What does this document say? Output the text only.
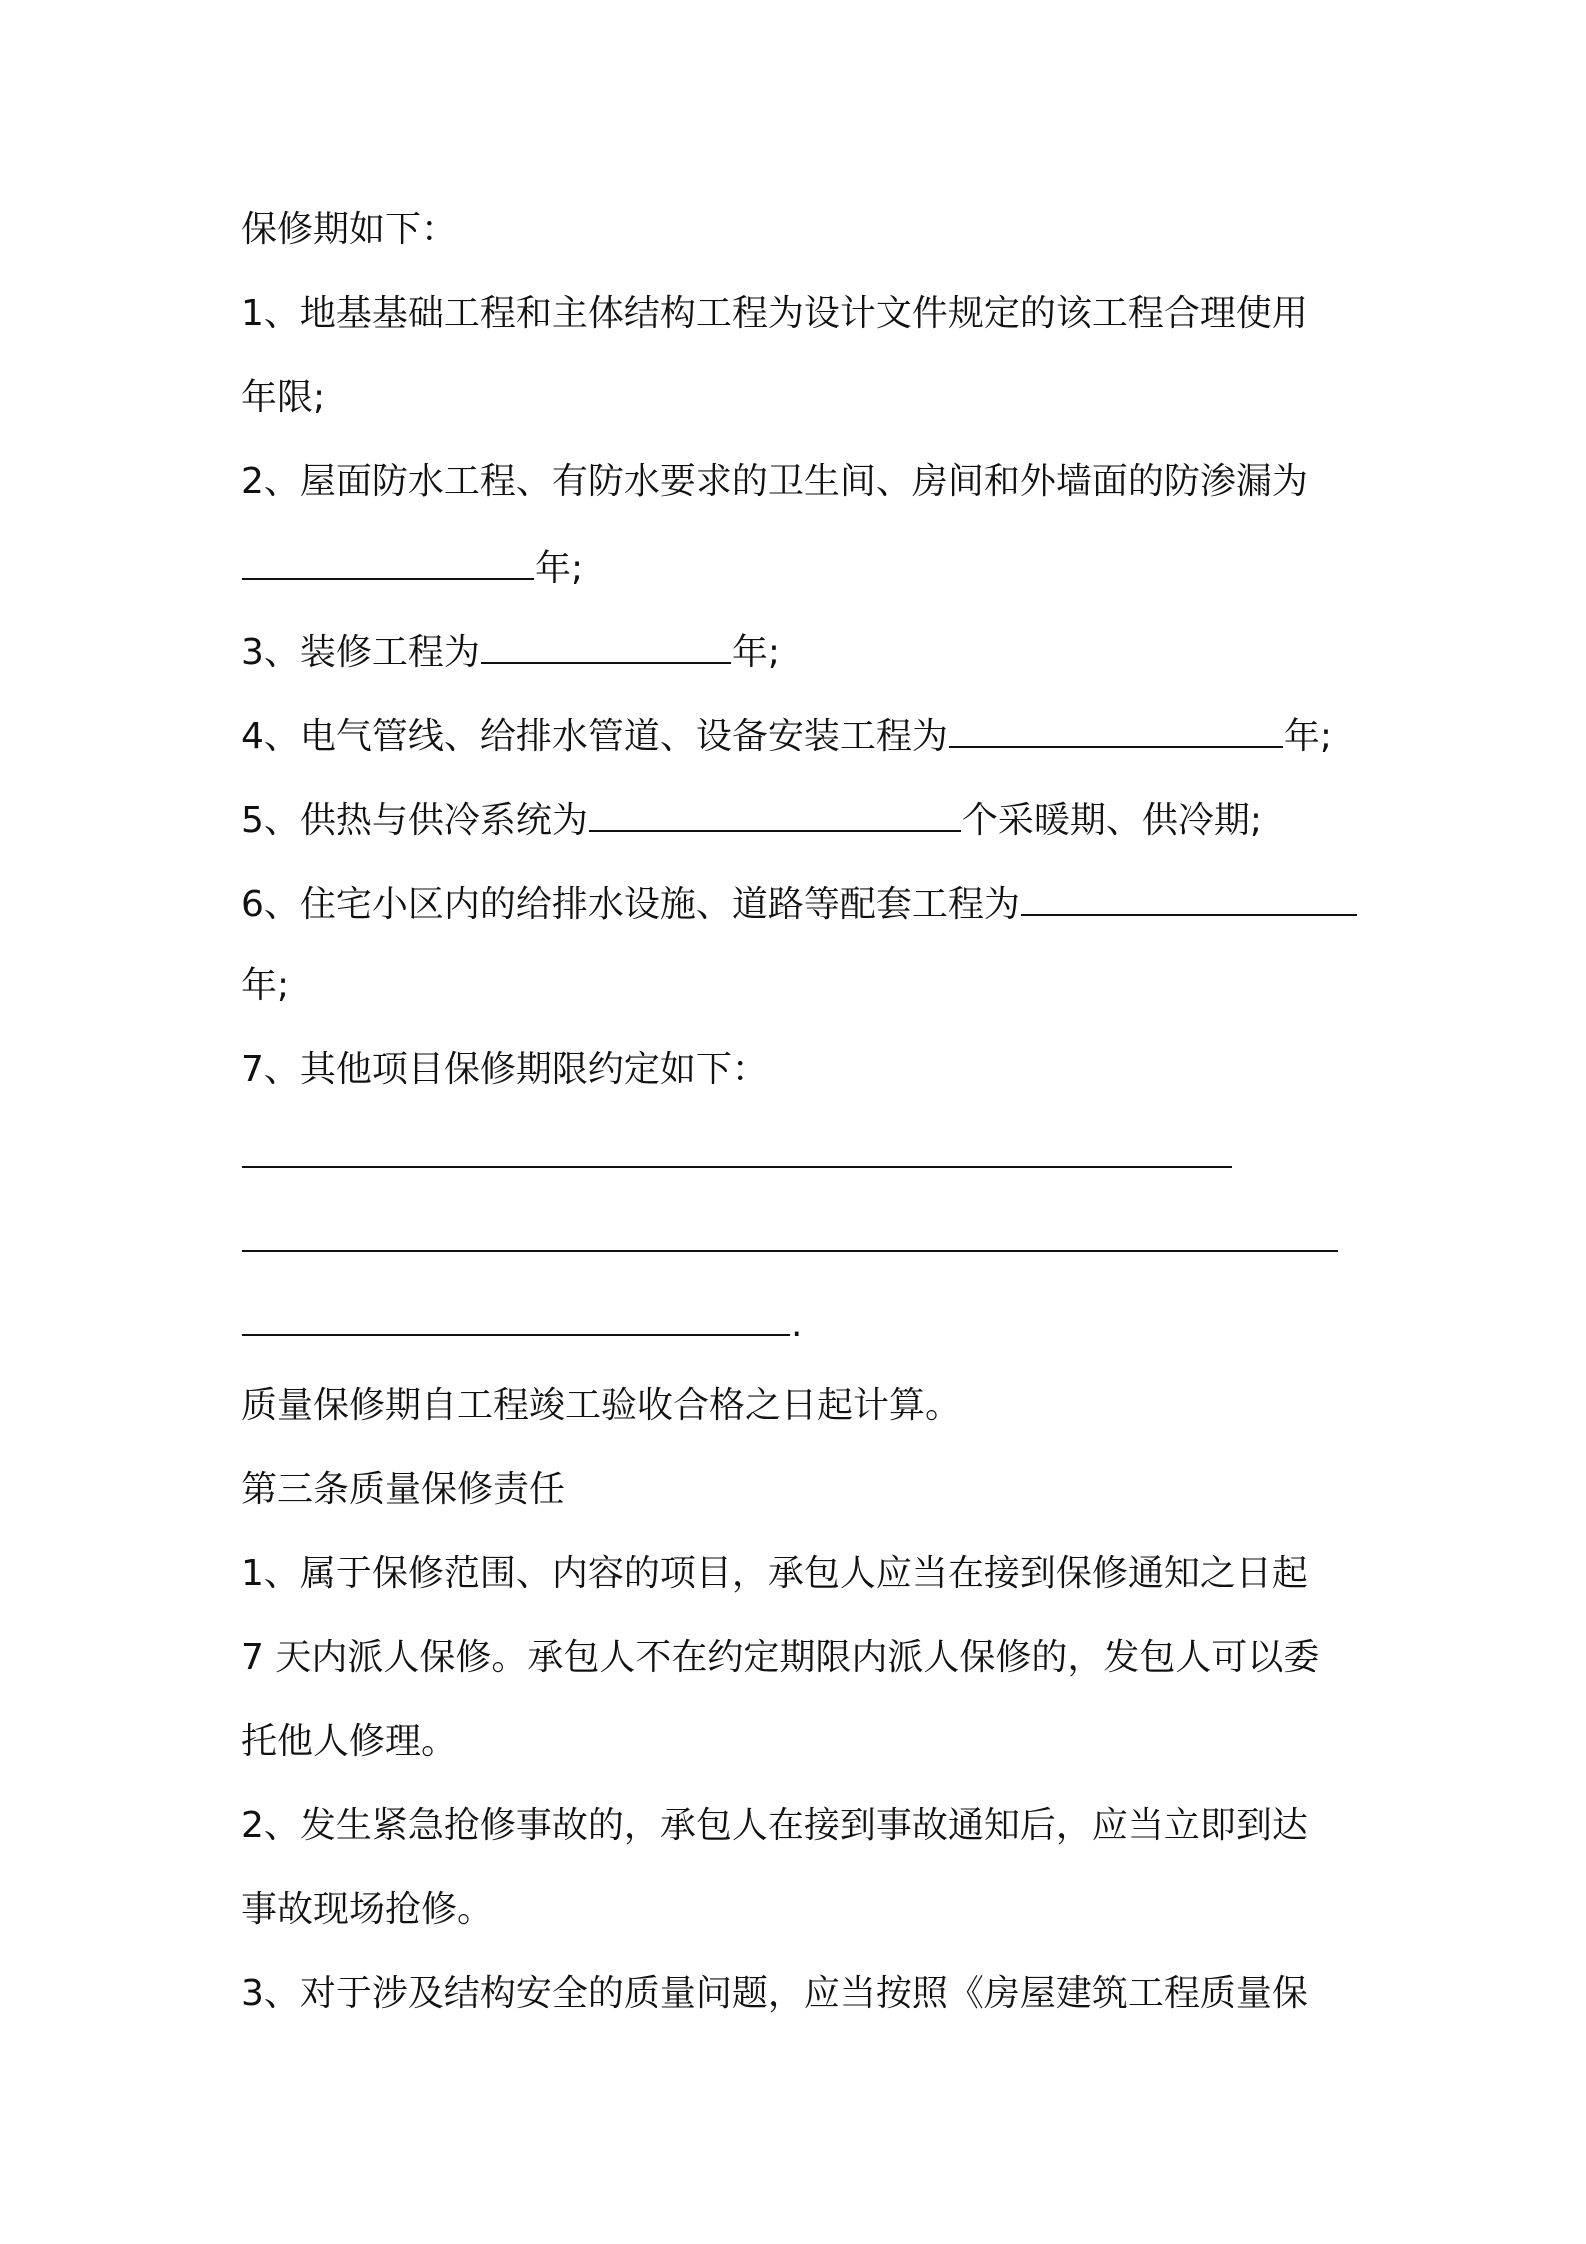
保修期如下：
1、地基基础工程和主体结构工程为设计文件规定的该工程合理使用
年限;
2、屋面防水工程、有防水要求的卫生间、房间和外墙面的防渗漏为
年;
3、装修工程为	年;
4、电气管线、给排水管道、设备安装工程为	年;
5、供热与供冷系统为	个采暖期、供冷期;
6、住宅小区内的给排水设施、道路等配套工程为
年;
7、其他项目保修期限约定如下：
.
质量保修期自工程竣工验收合格之日起计算。
第三条质量保修责任
1、属于保修范围、内容的项目，承包人应当在接到保修通知之日起
7 天内派人保修。承包人不在约定期限内派人保修的，发包人可以委
托他人修理。
2、发生紧急抢修事故的，承包人在接到事故通知后，应当立即到达
事故现场抢修。
3、对于涉及结构安全的质量问题，应当按照《房屋建筑工程质量保
